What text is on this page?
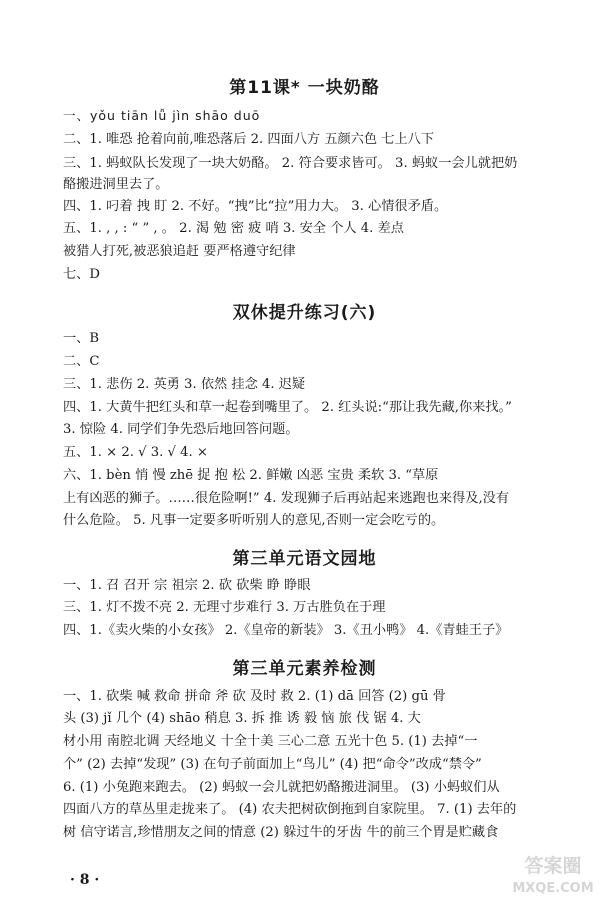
第11课* 一块奶酪
一、yǒu tiān lǚ jìn shāo duō
二、1. 唯恐 抢着向前,唯恐落后 2. 四面八方 五颜六色 七上八下
三、1. 蚂蚁队长发现了一块大奶酪。 2. 符合要求皆可。 3. 蚂蚁一会儿就把奶
酪搬进洞里去了。
四、1. 叼着 拽 盯 2. 不好。“拽”比“拉”用力大。 3. 心情很矛盾。
五、1. , , : “ ” , 。 2. 渴 勉 密 疲 哨 3. 安全 个人 4. 差点
被猎人打死,被恶狼追赶 要严格遵守纪律
七、D
双休提升练习(六)
一、B
二、C
三、1. 悲伤 2. 英勇 3. 依然 挂念 4. 迟疑
四、1. 大黄牛把红头和草一起卷到嘴里了。 2. 红头说:“那让我先藏,你来找。”
3. 惊险 4. 同学们争先恐后地回答问题。
五、1. × 2. √ 3. √ 4. ×
六、1. bèn 悄 慢 zhē 捉 抱 松 2. 鲜嫩 凶恶 宝贵 柔软 3. “草原
上有凶恶的狮子。……很危险啊!” 4. 发现狮子后再站起来逃跑也来得及,没有
什么危险。 5. 凡事一定要多听听别人的意见,否则一定会吃亏的。
第三单元语文园地
一、1. 召 召开 宗 祖宗 2. 砍 砍柴 睁 睁眼
三、1. 灯不拨不亮 2. 无理寸步难行 3. 万古胜负在于理
四、1.《卖火柴的小女孩》 2.《皇帝的新装》 3.《丑小鸭》 4.《青蛙王子》
第三单元素养检测
一、1. 砍柴 喊 救命 拼命 斧 砍 及时 救 2. (1) dā 回答 (2) gū 骨
头 (3) jǐ 几个 (4) shāo 稍息 3. 拆 推 诱 毅 恼 旅 伐 锯 4. 大
材小用 南腔北调 天经地义 十全十美 三心二意 五光十色 5. (1) 去掉“一
个” (2) 去掉“发现” (3) 在句子前面加上“鸟儿” (4) 把“命令”改成“禁令”
6. (1) 小兔跑来跑去。 (2) 蚂蚁一会儿就把奶酪搬进洞里。 (3) 小蚂蚁们从
四面八方的草丛里走拢来了。 (4) 农夫把树砍倒拖到自家院里。 7. (1) 去年的
树 信守诺言,珍惜朋友之间的情意 (2) 躲过牛的牙齿 牛的前三个胃是贮藏食
· 8 ·
答案圈
MXQE.COM
